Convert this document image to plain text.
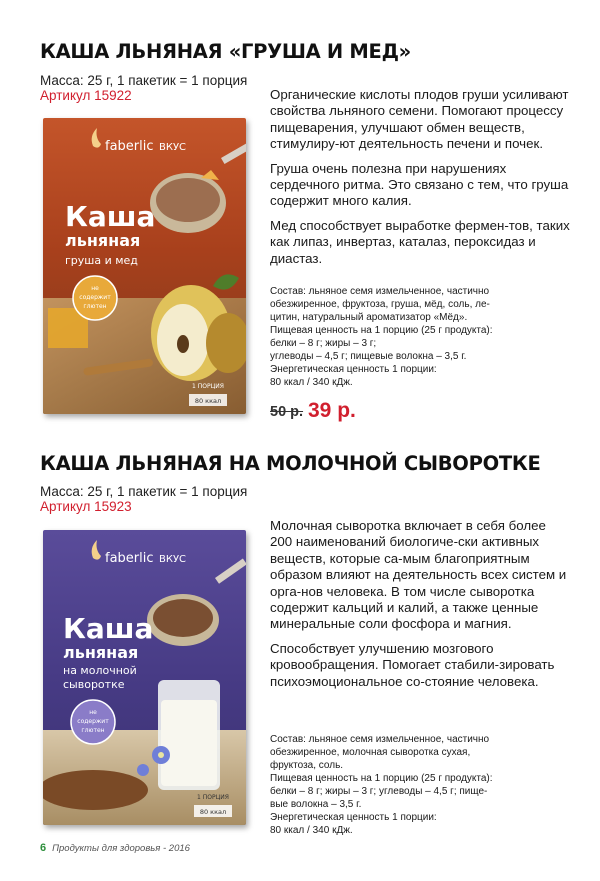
КАША ЛЬНЯНАЯ «ГРУША И МЕД»
Масса: 25 г, 1 пакетик = 1 порция
Артикул 15922
faberlic ВКУС
Каша
льняная
груша и мед
не
содержит
глютен
1 ПОРЦИЯ
80 ккал

Органические кислоты плодов груши усиливают свойства льняного семени. Помогают процессу пищеварения, улучшают обмен веществ, стимулиру-ют деятельность печени и почек.

Груша очень полезна при нарушениях сердечного ритма. Это связано с тем, что груша содержит много калия.

Мед способствует выработке фермен-тов, таких как липаз, инвертаз, каталаз, пероксидаз и диастаз.

Состав: льняное семя измельченное, частично
обезжиренное, фруктоза, груша, мёд, соль, ле-
цитин, натуральный ароматизатор «Мёд».
Пищевая ценность на 1 порцию (25 г продукта):
белки – 8 г; жиры – 3 г;
углеводы – 4,5 г; пищевые волокна – 3,5 г.
Энергетическая ценность 1 порции:
80 ккал / 340 кДж.
50 р. 39 р.
КАША ЛЬНЯНАЯ НА МОЛОЧНОЙ СЫВОРОТКЕ
Масса: 25 г, 1 пакетик = 1 порция
Артикул 15923
faberlic ВКУС
Каша
льняная
на молочной
сыворотке
не
содержит
глютен
1 ПОРЦИЯ
80 ккал

Молочная сыворотка включает в себя более 200 наименований биологиче-ски активных веществ, которые са-мым благоприятным образом влияют на деятельность всех систем и орга-нов человека. В том числе сыворотка содержит кальций и калий, а также ценные минеральные соли фосфора и магния.

Способствует улучшению мозгового кровообращения. Помогает стабили-зировать психоэмоциональное со-стояние человека.

Состав: льняное семя измельченное, частично
обезжиренное, молочная сыворотка сухая,
фруктоза, соль.
Пищевая ценность на 1 порцию (25 г продукта):
белки – 8 г; жиры – 3 г; углеводы – 4,5 г; пище-
вые волокна – 3,5 г.
Энергетическая ценность 1 порции:
80 ккал / 340 кДж.
6 Продукты для здоровья - 2016
